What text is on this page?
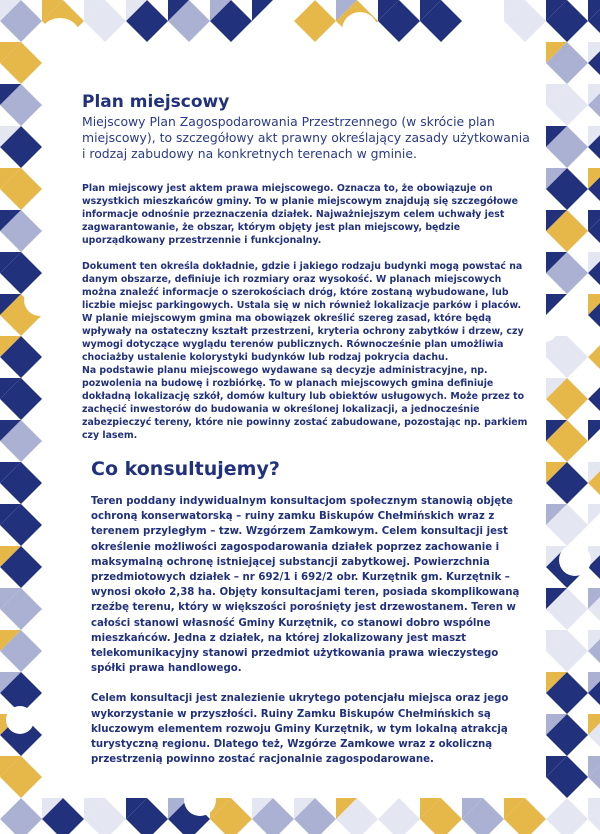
Plan miejscowy

Miejscowy Plan Zagospodarowania Przestrzennego (w skrócie plan miejscowy), to szczegółowy akt prawny określający zasady użytkowania i rodzaj zabudowy na konkretnych terenach w gminie.

Plan miejscowy jest aktem prawa miejscowego. Oznacza to, że obowiązuje on wszystkich mieszkańców gminy. To w planie miejscowym znajdują się szczegółowe informacje odnośnie przeznaczenia działek. Najważniejszym celem uchwały jest zagwarantowanie, że obszar, którym objęty jest plan miejscowy, będzie uporządkowany przestrzennie i funkcjonalny.

Dokument ten określa dokładnie, gdzie i jakiego rodzaju budynki mogą powstać na danym obszarze, definiuje ich rozmiary oraz wysokość. W planach miejscowych można znaleźć informacje o szerokościach dróg, które zostaną wybudowane, lub liczbie miejsc parkingowych. Ustala się w nich również lokalizacje parków i placów. W planie miejscowym gmina ma obowiązek określić szereg zasad, które będą wpływały na ostateczny kształt przestrzeni, kryteria ochrony zabytków i drzew, czy wymogi dotyczące wyglądu terenów publicznych. Równocześnie plan umożliwia chociażby ustalenie kolorystyki budynków lub rodzaj pokrycia dachu.

Na podstawie planu miejscowego wydawane są decyzje administracyjne, np. pozwolenia na budowę i rozbiórkę. To w planach miejscowych gmina definiuje dokładną lokalizację szkół, domów kultury lub obiektów usługowych. Może przez to zachęcić inwestorów do budowania w określonej lokalizacji, a jednocześnie zabezpieczyć tereny, które nie powinny zostać zabudowane, pozostając np. parkiem czy lasem.

Co konsultujemy?

Teren poddany indywidualnym konsultacjom społecznym stanowią objęte ochroną konserwatorską – ruiny zamku Biskupów Chełmińskich wraz z terenem przyległym – tzw. Wzgórzem Zamkowym. Celem konsultacji jest określenie możliwości zagospodarowania działek poprzez zachowanie i maksymalną ochronę istniejącej substancji zabytkowej. Powierzchnia przedmiotowych działek – nr 692/1 i 692/2 obr. Kurzętnik gm. Kurzętnik – wynosi około 2,38 ha. Objęty konsultacjami teren, posiada skomplikowaną rzeźbę terenu, który w większości porośnięty jest drzewostanem. Teren w całości stanowi własność Gminy Kurzętnik, co stanowi dobro wspólne mieszkańców. Jedna z działek, na której zlokalizowany jest maszt telekomunikacyjny stanowi przedmiot użytkowania prawa wieczystego spółki prawa handlowego.

Celem konsultacji jest znalezienie ukrytego potencjału miejsca oraz jego wykorzystanie w przyszłości. Ruiny Zamku Biskupów Chełmińskich są kluczowym elementem rozwoju Gminy Kurzętnik, w tym lokalną atrakcją turystyczną regionu. Dlatego też, Wzgórze Zamkowe wraz z okoliczną przestrzenią powinno zostać racjonalnie zagospodarowane.
